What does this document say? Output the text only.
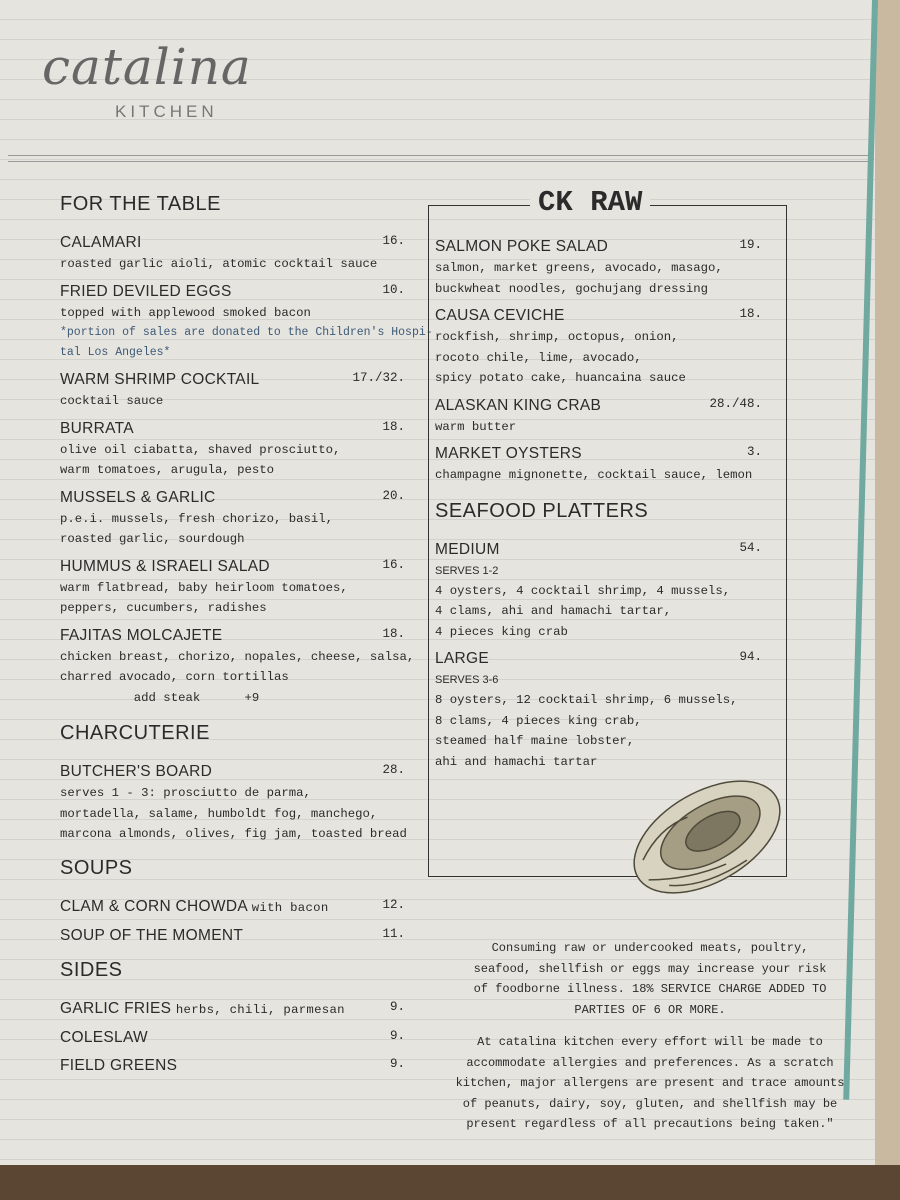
catalina
KITCHEN
FOR THE TABLE
CALAMARI	16.
roasted garlic aioli, atomic cocktail sauce
FRIED DEVILED EGGS	10.
topped with applewood smoked bacon
*portion of sales are donated to the Children's Hospi-
tal Los Angeles*
WARM SHRIMP COCKTAIL	17./32.
cocktail sauce
BURRATA	18.
olive oil ciabatta, shaved prosciutto,
warm tomatoes, arugula, pesto
MUSSELS & GARLIC	20.
p.e.i. mussels, fresh chorizo, basil,
roasted garlic, sourdough
HUMMUS & ISRAELI SALAD	16.
warm flatbread, baby heirloom tomatoes,
peppers, cucumbers, radishes
FAJITAS MOLCAJETE	18.
chicken breast, chorizo, nopales, cheese, salsa,
charred avocado, corn tortillas
add steak      +9
CHARCUTERIE
BUTCHER'S BOARD	28.
serves 1 - 3: prosciutto de parma,
mortadella, salame, humboldt fog, manchego,
marcona almonds, olives, fig jam, toasted bread
SOUPS
CLAM & CORN CHOWDA with bacon	12.
SOUP OF THE MOMENT	11.
SIDES
GARLIC FRIES herbs, chili, parmesan	9.
COLESLAW	9.
FIELD GREENS	9.
CK RAW
SALMON POKE SALAD	19.
salmon, market greens, avocado, masago,
buckwheat noodles, gochujang dressing
CAUSA CEVICHE	18.
rockfish, shrimp, octopus, onion,
rocoto chile, lime, avocado,
spicy potato cake, huancaina sauce
ALASKAN KING CRAB	28./48.
warm butter
MARKET OYSTERS	3.
champagne mignonette, cocktail sauce, lemon
SEAFOOD PLATTERS
MEDIUM	54.
SERVES 1-2
4 oysters, 4 cocktail shrimp, 4 mussels,
4 clams, ahi and hamachi tartar,
4 pieces king crab
LARGE	94.
SERVES 3-6
8 oysters, 12 cocktail shrimp, 6 mussels,
8 clams, 4 pieces king crab,
steamed half maine lobster,
ahi and hamachi tartar
Consuming raw or undercooked meats, poultry,
seafood, shellfish or eggs may increase your risk
of foodborne illness. 18% SERVICE CHARGE ADDED TO
PARTIES OF 6 OR MORE.
At catalina kitchen every effort will be made to
accommodate allergies and preferences. As a scratch
kitchen, major allergens are present and trace amounts
of peanuts, dairy, soy, gluten, and shellfish may be
present regardless of all precautions being taken."
